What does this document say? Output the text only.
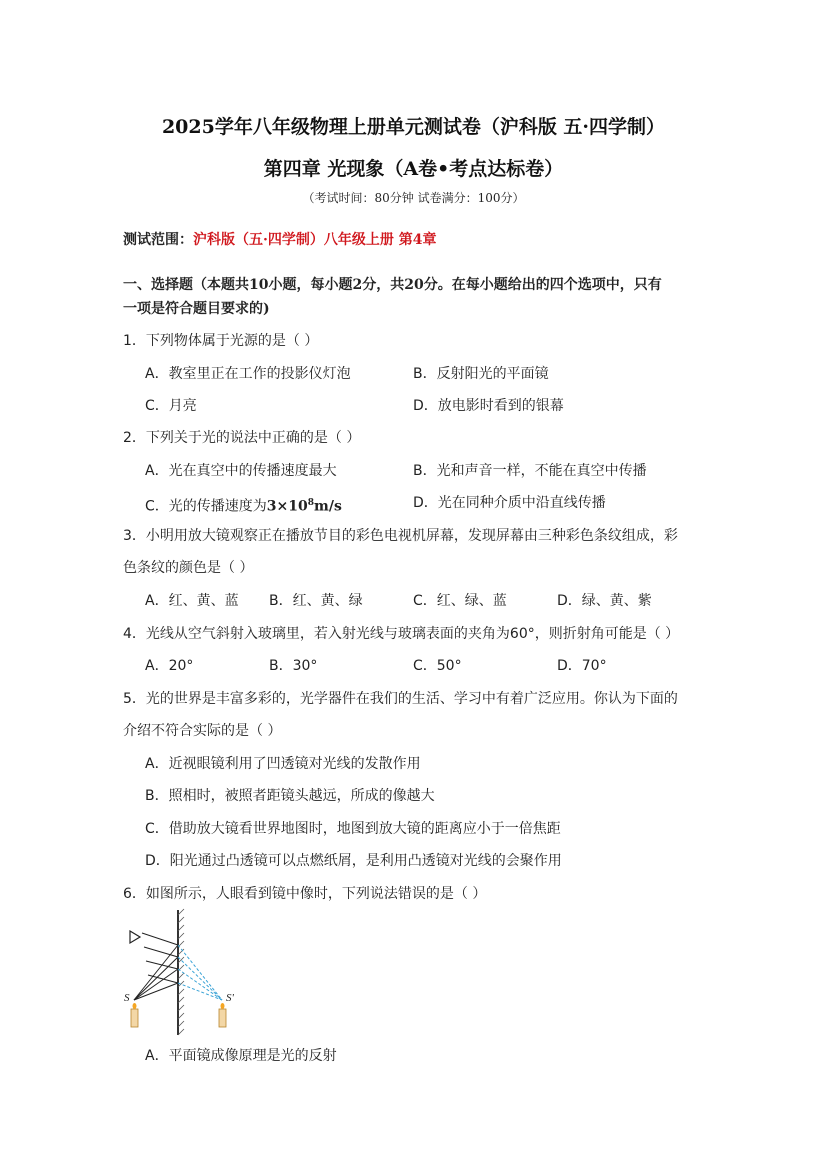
2025学年八年级物理上册单元测试卷（沪科版 五·四学制）
第四章 光现象（A卷•考点达标卷）
（考试时间：80分钟 试卷满分：100分）
测试范围：沪科版（五·四学制）八年级上册 第4章
一、选择题（本题共10小题，每小题2分，共20分。在每小题给出的四个选项中，只有
一项是符合题目要求的)
1．下列物体属于光源的是（ ）
A．教室里正在工作的投影仪灯泡	B．反射阳光的平面镜
C．月亮	D．放电影时看到的银幕
2．下列关于光的说法中正确的是（ ）
A．光在真空中的传播速度最大	B．光和声音一样，不能在真空中传播
C．光的传播速度为$3\times 10^8m/s$	D．光在同种介质中沿直线传播
3．小明用放大镜观察正在播放节目的彩色电视机屏幕，发现屏幕由三种彩色条纹组成，彩
色条纹的颜色是（ ）
A．红、黄、蓝 B．红、黄、绿	C．红、绿、蓝	D．绿、黄、紫
4．光线从空气斜射入玻璃里，若入射光线与玻璃表面的夹角为60°，则折射角可能是（ ）
A．20°	B．30°	C．50°	D．70°
5．光的世界是丰富多彩的，光学器件在我们的生活、学习中有着广泛应用。你认为下面的
介绍不符合实际的是（ ）
A．近视眼镜利用了凹透镜对光线的发散作用
B．照相时，被照者距镜头越远，所成的像越大
C．借助放大镜看世界地图时，地图到放大镜的距离应小于一倍焦距
D．阳光通过凸透镜可以点燃纸屑，是利用凸透镜对光线的会聚作用
6．如图所示，人眼看到镜中像时，下列说法错误的是（ ）
S	S'
A．平面镜成像原理是光的反射
